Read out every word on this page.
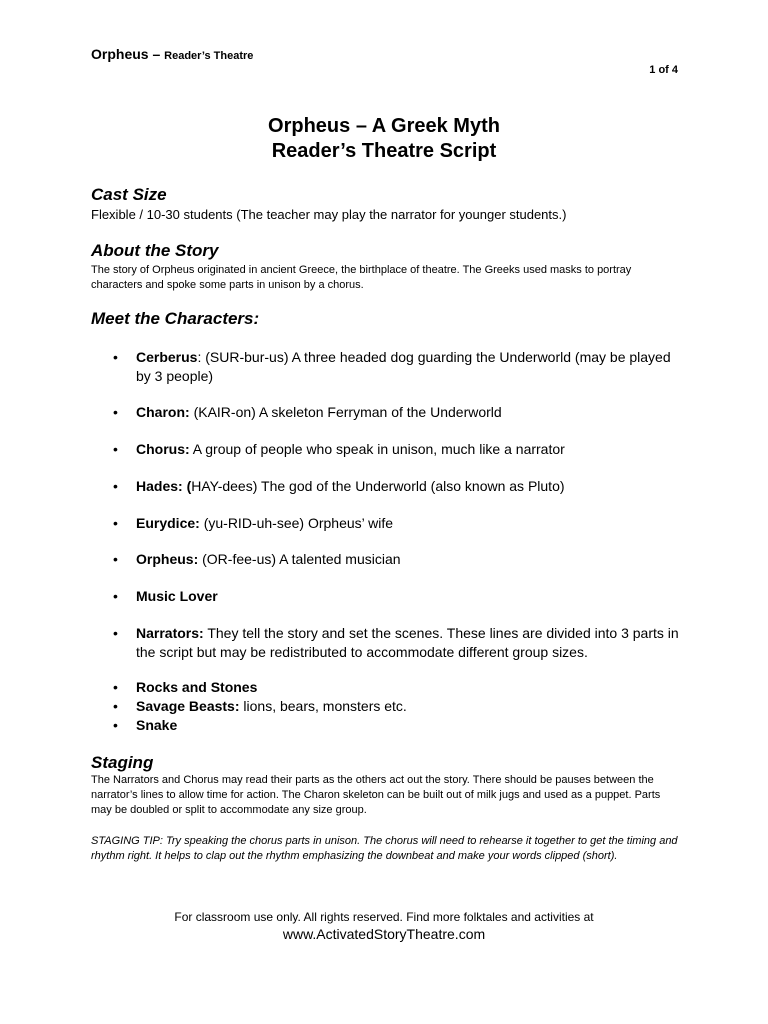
Orpheus – Reader’s Theatre
1 of 4
Orpheus – A Greek Myth
Reader’s Theatre Script
Cast Size
Flexible / 10-30 students (The teacher may play the narrator for younger students.)
About the Story
The story of Orpheus originated in ancient Greece, the birthplace of theatre. The Greeks used masks to portray characters and spoke some parts in unison by a chorus.
Meet the Characters:
• Cerberus: (SUR-bur-us) A three headed dog guarding the Underworld (may be played by 3 people)
• Charon: (KAIR-on) A skeleton Ferryman of the Underworld
• Chorus: A group of people who speak in unison, much like a narrator
• Hades: (HAY-dees) The god of the Underworld (also known as Pluto)
• Eurydice: (yu-RID-uh-see) Orpheus’ wife
• Orpheus: (OR-fee-us) A talented musician
• Music Lover
• Narrators: They tell the story and set the scenes. These lines are divided into 3 parts in the script but may be redistributed to accommodate different group sizes.
• Rocks and Stones
• Savage Beasts: lions, bears, monsters etc.
• Snake
Staging
The Narrators and Chorus may read their parts as the others act out the story. There should be pauses between the narrator’s lines to allow time for action. The Charon skeleton can be built out of milk jugs and used as a puppet. Parts may be doubled or split to accommodate any size group.
STAGING TIP: Try speaking the chorus parts in unison. The chorus will need to rehearse it together to get the timing and rhythm right. It helps to clap out the rhythm emphasizing the downbeat and make your words clipped (short).
For classroom use only. All rights reserved. Find more folktales and activities at
www.ActivatedStoryTheatre.com
